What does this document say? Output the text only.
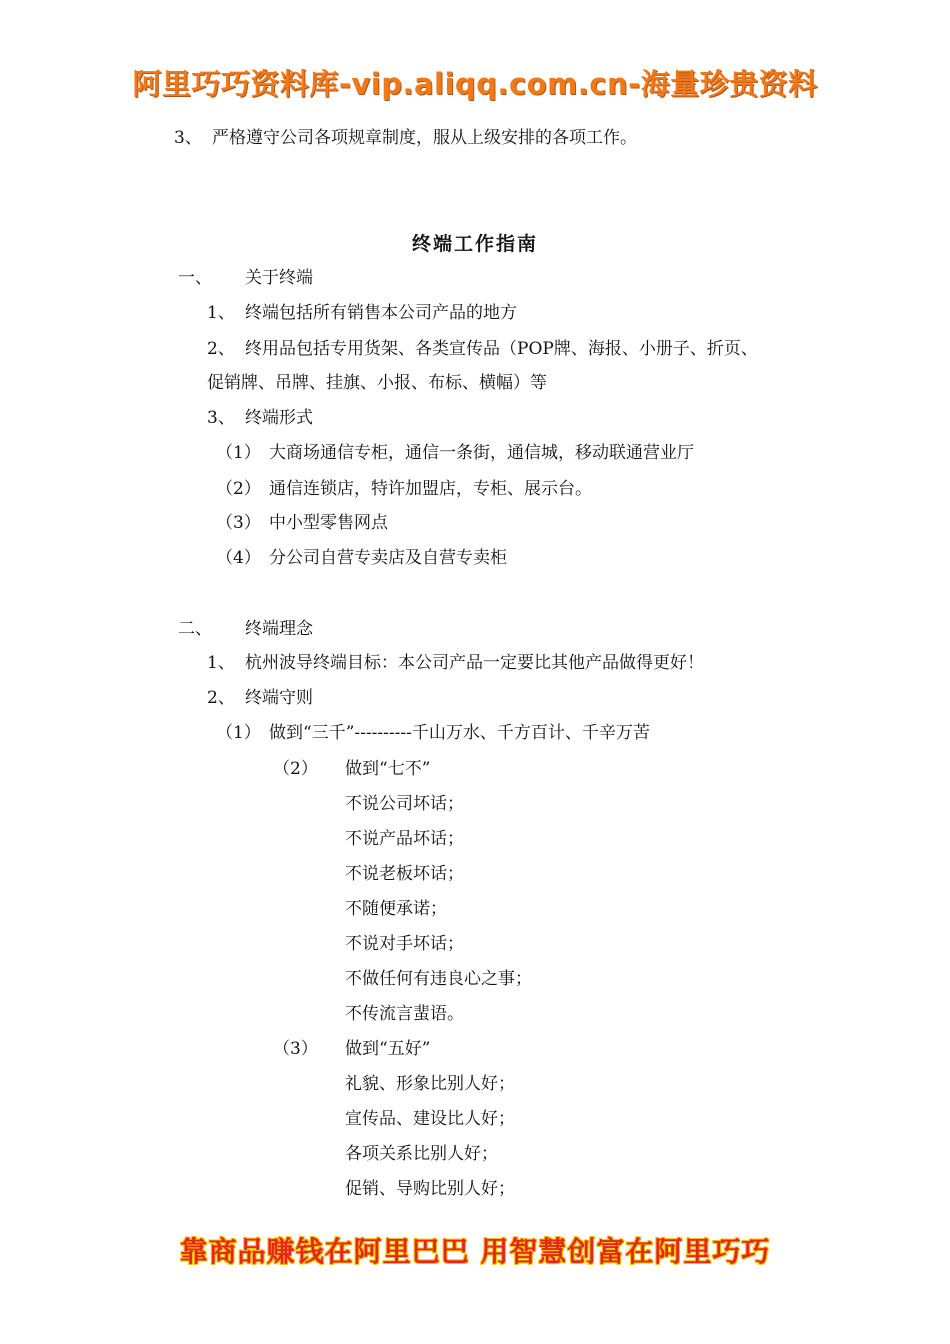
阿里巧巧资料库-vip.aliqq.com.cn-海量珍贵资料
3、 严格遵守公司各项规章制度，服从上级安排的各项工作。
终端工作指南
一、 关于终端
1、 终端包括所有销售本公司产品的地方
2、 终用品包括专用货架、各类宣传品（POP牌、海报、小册子、折页、
促销牌、吊牌、挂旗、小报、布标、横幅）等
3、 终端形式
（1） 大商场通信专柜，通信一条街，通信城，移动联通营业厅
（2） 通信连锁店，特许加盟店，专柜、展示台。
（3） 中小型零售网点
（4） 分公司自营专卖店及自营专卖柜
二、 终端理念
1、 杭州波导终端目标：本公司产品一定要比其他产品做得更好！
2、 终端守则
（1） 做到“三千”----------千山万水、千方百计、千辛万苦
（2） 做到“七不”
不说公司坏话；
不说产品坏话；
不说老板坏话；
不随便承诺；
不说对手坏话；
不做任何有违良心之事；
不传流言蜚语。
（3） 做到“五好”
礼貌、形象比别人好；
宣传品、建设比人好；
各项关系比别人好；
促销、导购比别人好；
靠商品赚钱在阿里巴巴 用智慧创富在阿里巧巧
